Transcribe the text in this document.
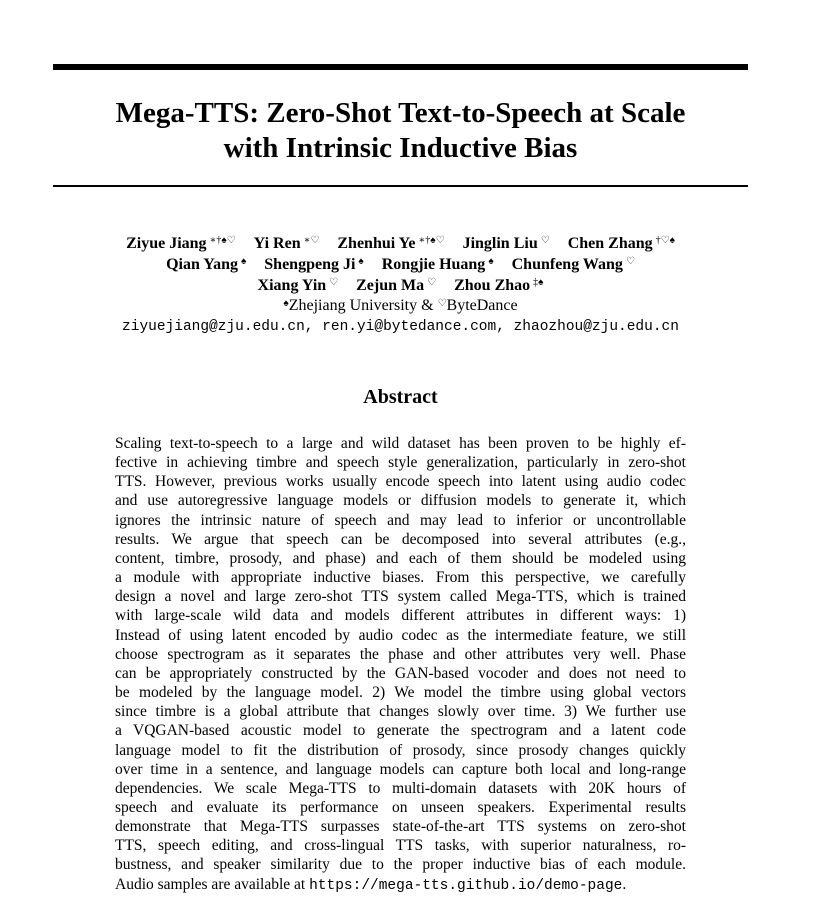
Mega-TTS: Zero-Shot Text-to-Speech at Scale
with Intrinsic Inductive Bias
Ziyue Jiang ∗†♠♡ Yi Ren ∗♡ Zhenhui Ye ∗†♠♡ Jinglin Liu ♡ Chen Zhang †♡♠
Qian Yang ♠ Shengpeng Ji ♠ Rongjie Huang ♠ Chunfeng Wang ♡
Xiang Yin ♡ Zejun Ma ♡ Zhou Zhao ‡♠
♠Zhejiang University & ♡ByteDance
ziyuejiang@zju.edu.cn, ren.yi@bytedance.com, zhaozhou@zju.edu.cn
Abstract
Scaling text-to-speech to a large and wild dataset has been proven to be highly ef-
fective in achieving timbre and speech style generalization, particularly in zero-shot
TTS. However, previous works usually encode speech into latent using audio codec
and use autoregressive language models or diffusion models to generate it, which
ignores the intrinsic nature of speech and may lead to inferior or uncontrollable
results. We argue that speech can be decomposed into several attributes (e.g.,
content, timbre, prosody, and phase) and each of them should be modeled using
a module with appropriate inductive biases. From this perspective, we carefully
design a novel and large zero-shot TTS system called Mega-TTS, which is trained
with large-scale wild data and models different attributes in different ways: 1)
Instead of using latent encoded by audio codec as the intermediate feature, we still
choose spectrogram as it separates the phase and other attributes very well. Phase
can be appropriately constructed by the GAN-based vocoder and does not need to
be modeled by the language model. 2) We model the timbre using global vectors
since timbre is a global attribute that changes slowly over time. 3) We further use
a VQGAN-based acoustic model to generate the spectrogram and a latent code
language model to fit the distribution of prosody, since prosody changes quickly
over time in a sentence, and language models can capture both local and long-range
dependencies. We scale Mega-TTS to multi-domain datasets with 20K hours of
speech and evaluate its performance on unseen speakers. Experimental results
demonstrate that Mega-TTS surpasses state-of-the-art TTS systems on zero-shot
TTS, speech editing, and cross-lingual TTS tasks, with superior naturalness, ro-
bustness, and speaker similarity due to the proper inductive bias of each module.
Audio samples are available at https://mega-tts.github.io/demo-page.
